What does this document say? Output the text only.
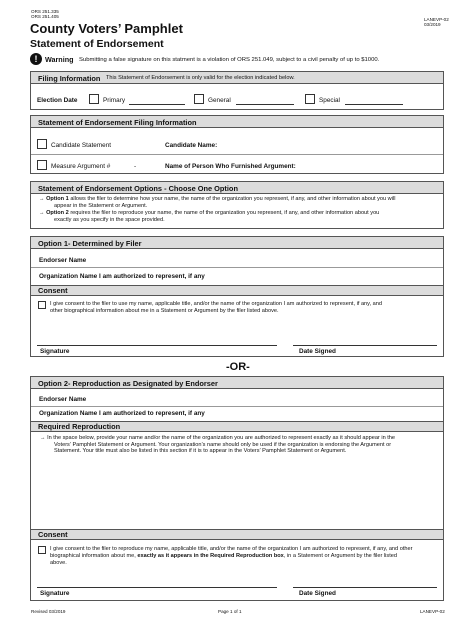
ORS 251.335
ORS 251.405
LANEVP-02
03/2019
County Voters’ Pamphlet
Statement of Endorsement
!	Warning Submitting a false signature on this statment is a violation of ORS 251.049, subject to a civil penalty of up to $1000.
Filing Information This Statement of Endorsement is only valid for the election indicated below.
Election Date	Primary	General	Special
Statement of Endorsement Filing Information
Candidate Statement	Candidate Name:
Measure Argument #	-	Name of Person Who Furnished Argument:
Statement of Endorsement Options - Choose One Option
→ Option 1 allows the filer to determine how your name, the name of the organization you represent, if any, and other information about you will
appear in the Statement or Argument.
→ Option 2 requires the filer to reproduce your name, the name of the organization you represent, if any, and other information about you
exactly as you specify in the space provided.
Option 1- Determined by Filer
Endorser Name
Organization Name I am authorized to represent, if any
Consent
I give consent to the filer to use my name, applicable title, and/or the name of the organization I am authorized to represent, if any, and
other biographical information about me in a Statement or Argument by the filer listed above.
Signature	Date Signed
-OR-
Option 2- Reproduction as Designated by Endorser
Endorser Name
Organization Name I am authorized to represent, if any
Required Reproduction
→ In the space below, provide your name and/or the name of the organization you are authorized to represent exactly as it should appear in the
Voters’ Pamphlet Statement or Argument. Your organization’s name should only be used if the organization is endorsing the Argument or
Statement. Your title must also be listed in this section if it is to appear in the Voters’ Pamphlet Statement or Argument.
Consent
I give consent to the filer to reproduce my name, applicable title, and/or the name of the organization I am authorized to represent, if any, and other
biographical information about me, exactly as it appears in the Required Reproduction box, in a Statement or Argument by the filer listed
above.
Signature	Date Signed
Revised 03/2019	Page 1 of 1	LANEVP-02
